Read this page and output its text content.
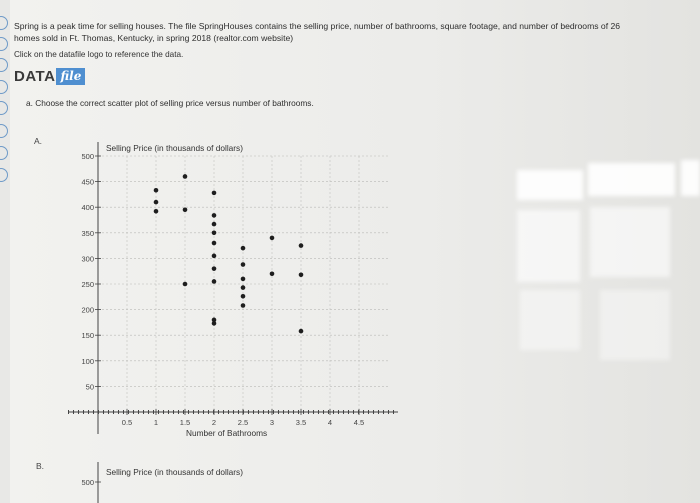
Spring is a peak time for selling houses. The file SpringHouses contains the selling price, number of bathrooms, square footage, and number of bedrooms of 26

homes sold in Ft. Thomas, Kentucky, in spring 2018 (realtor.com website)

Click on the datafile logo to reference the data.
DATA file
a. Choose the correct scatter plot of selling price versus number of bathrooms.
A.
Selling Price (in thousands of dollars)
500
450
400
350
300
250
200
150
100
50
0.5	1	1.5	2	2.5	3	3.5	4	4.5
500
Number of Bathrooms
B.
Selling Price (in thousands of dollars)
